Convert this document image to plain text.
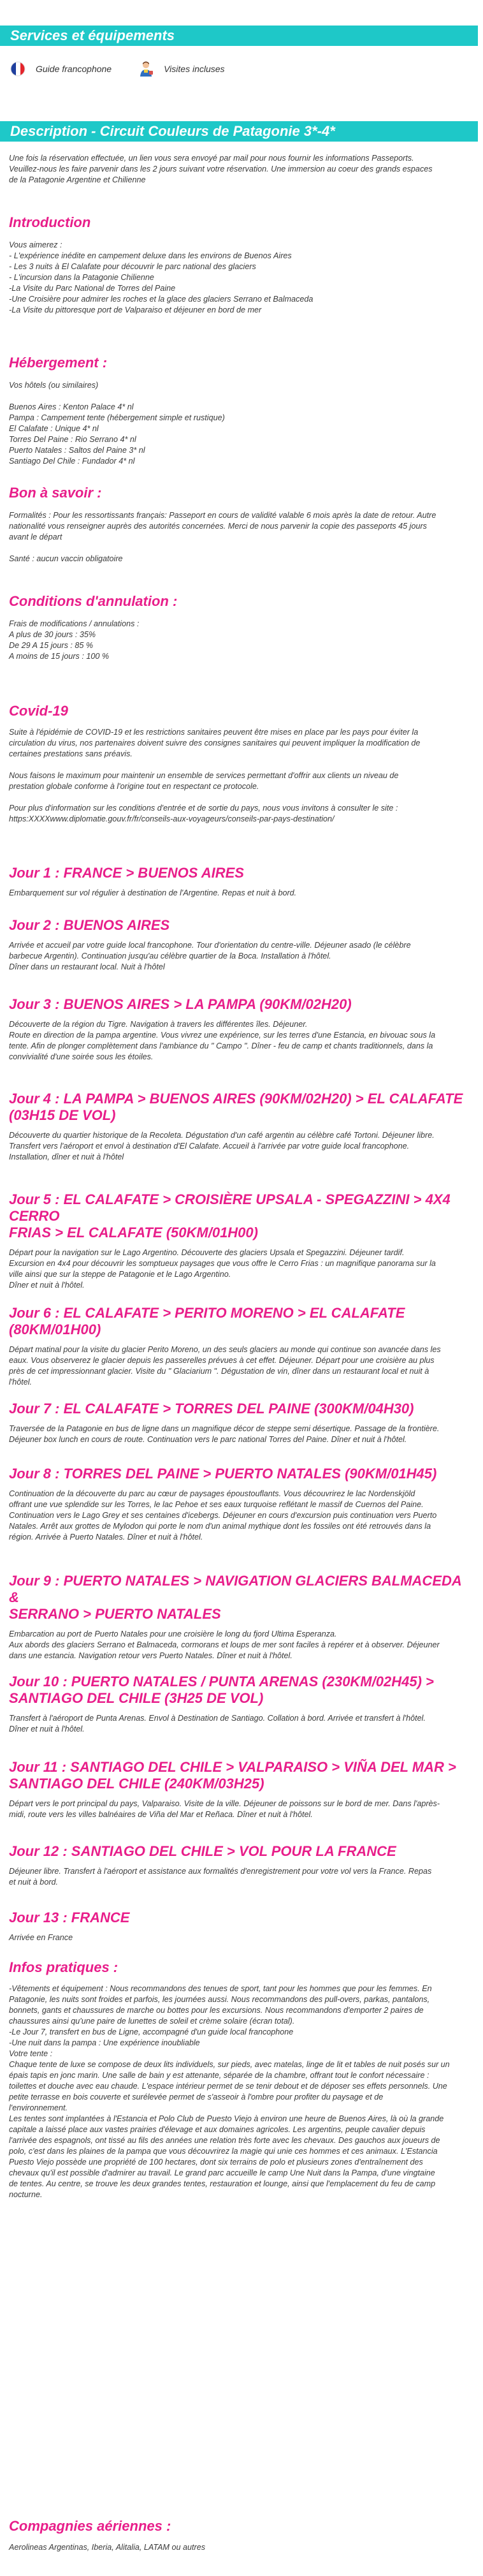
Services et équipements
Guide francophone	Visites incluses
Description - Circuit Couleurs de Patagonie 3*-4*

Une fois la réservation effectuée, un lien vous sera envoyé par mail pour nous fournir les informations Passeports.
Veuillez-nous les faire parvenir dans les 2 jours suivant votre réservation. Une immersion au coeur des grands espaces
de la Patagonie Argentine et Chilienne

Introduction

Vous aimerez :
- L'expérience inédite en campement deluxe dans les environs de Buenos Aires
- Les 3 nuits à El Calafate pour découvrir le parc national des glaciers
- L'incursion dans la Patagonie Chilienne
-La Visite du Parc National de Torres del Paine
-Une Croisière pour admirer les roches et la glace des glaciers Serrano et Balmaceda
-La Visite du pittoresque port de Valparaiso et déjeuner en bord de mer

Hébergement :

Vos hôtels (ou similaires)

Buenos Aires : Kenton Palace 4* nl
Pampa : Campement tente (hébergement simple et rustique)
El Calafate : Unique 4* nl
Torres Del Paine : Rio Serrano 4* nl
Puerto Natales : Saltos del Paine 3* nl
Santiago Del Chile : Fundador 4* nl

Bon à savoir :

Formalités : Pour les ressortissants français: Passeport en cours de validité valable 6 mois après la date de retour. Autre
nationalité vous renseigner auprès des autorités concernées. Merci de nous parvenir la copie des passeports 45 jours
avant le départ

Santé : aucun vaccin obligatoire

Conditions d'annulation :

Frais de modifications / annulations :
A plus de 30 jours : 35%
De 29 A 15 jours : 85 %
A moins de 15 jours : 100 %

Covid-19

Suite à l'épidémie de COVID-19 et les restrictions sanitaires peuvent être mises en place par les pays pour éviter la
circulation du virus, nos partenaires doivent suivre des consignes sanitaires qui peuvent impliquer la modification de
certaines prestations sans préavis.

Nous faisons le maximum pour maintenir un ensemble de services permettant d'offrir aux clients un niveau de
prestation globale conforme à l'origine tout en respectant ce protocole.

Pour plus d'information sur les conditions d'entrée et de sortie du pays, nous vous invitons à consulter le site :
https:XXXXwww.diplomatie.gouv.fr/fr/conseils-aux-voyageurs/conseils-par-pays-destination/

Jour 1 : FRANCE > BUENOS AIRES

Embarquement sur vol régulier à destination de l'Argentine. Repas et nuit à bord.

Jour 2 : BUENOS AIRES

Arrivée et accueil par votre guide local francophone. Tour d'orientation du centre-ville. Déjeuner asado (le célèbre
barbecue Argentin). Continuation jusqu'au célèbre quartier de la Boca. Installation à l'hôtel.
Dîner dans un restaurant local. Nuit à l'hôtel

Jour 3 : BUENOS AIRES > LA PAMPA (90KM/02H20)

Découverte de la région du Tigre. Navigation à travers les différentes îles. Déjeuner.
Route en direction de la pampa argentine. Vous vivrez une expérience, sur les terres d'une Estancia, en bivouac sous la
tente. Afin de plonger complètement dans l'ambiance du " Campo ". Dîner - feu de camp et chants traditionnels, dans la
convivialité d'une soirée sous les étoiles.

Jour 4 : LA PAMPA > BUENOS AIRES (90KM/02H20) > EL CALAFATE
(03H15 DE VOL)

Découverte du quartier historique de la Recoleta. Dégustation d'un café argentin au célèbre café Tortoni. Déjeuner libre.
Transfert vers l'aéroport et envol à destination d'El Calafate. Accueil à l'arrivée par votre guide local francophone.
Installation, dîner et nuit à l'hôtel

Jour 5 : EL CALAFATE > CROISIÈRE UPSALA - SPEGAZZINI > 4X4 CERRO
FRIAS > EL CALAFATE (50KM/01H00)

Départ pour la navigation sur le Lago Argentino. Découverte des glaciers Upsala et Spegazzini. Déjeuner tardif.
Excursion en 4x4 pour découvrir les somptueux paysages que vous offre le Cerro Frias : un magnifique panorama sur la
ville ainsi que sur la steppe de Patagonie et le Lago Argentino.
Dîner et nuit à l'hôtel.

Jour 6 : EL CALAFATE > PERITO MORENO > EL CALAFATE (80KM/01H00)

Départ matinal pour la visite du glacier Perito Moreno, un des seuls glaciers au monde qui continue son avancée dans les
eaux. Vous observerez le glacier depuis les passerelles prévues à cet effet. Déjeuner. Départ pour une croisière au plus
près de cet impressionnant glacier. Visite du " Glaciarium ". Dégustation de vin, dîner dans un restaurant local et nuit à
l'hôtel.

Jour 7 : EL CALAFATE > TORRES DEL PAINE (300KM/04H30)

Traversée de la Patagonie en bus de ligne dans un magnifique décor de steppe semi désertique. Passage de la frontière.
Déjeuner box lunch en cours de route. Continuation vers le parc national Torres del Paine. Dîner et nuit à l'hôtel.

Jour 8 : TORRES DEL PAINE > PUERTO NATALES (90KM/01H45)

Continuation de la découverte du parc au cœur de paysages époustouflants. Vous découvrirez le lac Nordenskjöld
offrant une vue splendide sur les Torres, le lac Pehoe et ses eaux turquoise reflétant le massif de Cuernos del Paine.
Continuation vers le Lago Grey et ses centaines d'icebergs. Déjeuner en cours d'excursion puis continuation vers Puerto
Natales. Arrêt aux grottes de Mylodon qui porte le nom d'un animal mythique dont les fossiles ont été retrouvés dans la
région. Arrivée à Puerto Natales. Dîner et nuit à l'hôtel.

Jour 9 : PUERTO NATALES > NAVIGATION GLACIERS BALMACEDA &
SERRANO > PUERTO NATALES

Embarcation au port de Puerto Natales pour une croisière le long du fjord Ultima Esperanza.
Aux abords des glaciers Serrano et Balmaceda, cormorans et loups de mer sont faciles à repérer et à observer. Déjeuner
dans une estancia. Navigation retour vers Puerto Natales. Dîner et nuit à l'hôtel.

Jour 10 : PUERTO NATALES / PUNTA ARENAS (230KM/02H45) >
SANTIAGO DEL CHILE (3H25 DE VOL)

Transfert à l'aéroport de Punta Arenas. Envol à Destination de Santiago. Collation à bord. Arrivée et transfert à l'hôtel.
Dîner et nuit à l'hôtel.

Jour 11 : SANTIAGO DEL CHILE > VALPARAISO > VIÑA DEL MAR >
SANTIAGO DEL CHILE (240KM/03H25)

Départ vers le port principal du pays, Valparaiso. Visite de la ville. Déjeuner de poissons sur le bord de mer. Dans l'après-
midi, route vers les villes balnéaires de Viña del Mar et Reñaca. Dîner et nuit à l'hôtel.

Jour 12 : SANTIAGO DEL CHILE > VOL POUR LA FRANCE

Déjeuner libre. Transfert à l'aéroport et assistance aux formalités d'enregistrement pour votre vol vers la France. Repas
et nuit à bord.

Jour 13 : FRANCE

Arrivée en France

Infos pratiques :

-Vêtements et équipement : Nous recommandons des tenues de sport, tant pour les hommes que pour les femmes. En
Patagonie, les nuits sont froides et parfois, les journées aussi. Nous recommandons des pull-overs, parkas, pantalons,
bonnets, gants et chaussures de marche ou bottes pour les excursions. Nous recommandons d'emporter 2 paires de
chaussures ainsi qu'une paire de lunettes de soleil et crème solaire (écran total).
-Le Jour 7, transfert en bus de Ligne, accompagné d'un guide local francophone
-Une nuit dans la pampa : Une expérience inoubliable
Votre tente :
Chaque tente de luxe se compose de deux lits individuels, sur pieds, avec matelas, linge de lit et tables de nuit posés sur un
épais tapis en jonc marin. Une salle de bain y est attenante, séparée de la chambre, offrant tout le confort nécessaire :
toilettes et douche avec eau chaude. L'espace intérieur permet de se tenir debout et de déposer ses effets personnels. Une
petite terrasse en bois couverte et surélevée permet de s'asseoir à l'ombre pour profiter du paysage et de
l'environnement.
Les tentes sont implantées à l'Estancia et Polo Club de Puesto Viejo à environ une heure de Buenos Aires, là où la grande
capitale a laissé place aux vastes prairies d'élevage et aux domaines agricoles. Les argentins, peuple cavalier depuis
l'arrivée des espagnols, ont tissé au fils des années une relation très forte avec les chevaux. Des gauchos aux joueurs de
polo, c'est dans les plaines de la pampa que vous découvrirez la magie qui unie ces hommes et ces animaux. L'Estancia
Puesto Viejo possède une propriété de 100 hectares, dont six terrains de polo et plusieurs zones d'entraînement des
chevaux qu'il est possible d'admirer au travail. Le grand parc accueille le camp Une Nuit dans la Pampa, d'une vingtaine
de tentes. Au centre, se trouve les deux grandes tentes, restauration et lounge, ainsi que l'emplacement du feu de camp
nocturne.

Compagnies aériennes :

Aerolineas Argentinas, Iberia, Alitalia, LATAM ou autres
